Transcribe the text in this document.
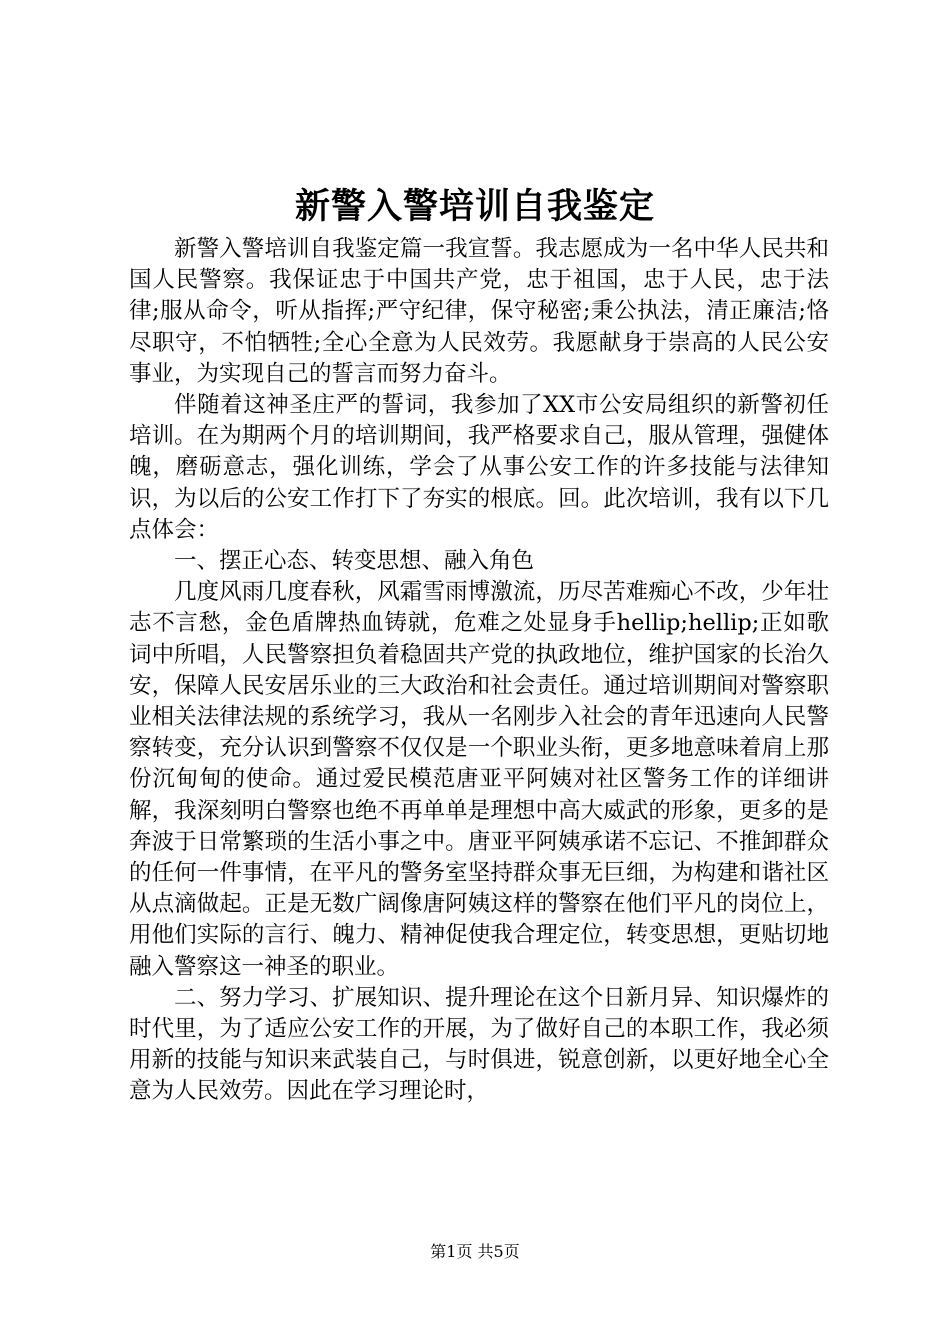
新警入警培训自我鉴定

新警入警培训自我鉴定篇一我宣誓。我志愿成为一名中华人民共和国人民警察。我保证忠于中国共产党，忠于祖国，忠于人民，忠于法律;服从命令，听从指挥;严守纪律，保守秘密;秉公执法，清正廉洁;恪尽职守，不怕牺牲;全心全意为人民效劳。我愿献身于崇高的人民公安事业，为实现自己的誓言而努力奋斗。

伴随着这神圣庄严的誓词，我参加了XX市公安局组织的新警初任培训。在为期两个月的培训期间，我严格要求自己，服从管理，强健体魄，磨砺意志，强化训练，学会了从事公安工作的许多技能与法律知识，为以后的公安工作打下了夯实的根底。回。此次培训，我有以下几点体会：

一、摆正心态、转变思想、融入角色

几度风雨几度春秋，风霜雪雨博激流，历尽苦难痴心不改，少年壮志不言愁，金色盾牌热血铸就，危难之处显身手hellip;hellip;正如歌词中所唱，人民警察担负着稳固共产党的执政地位，维护国家的长治久安，保障人民安居乐业的三大政治和社会责任。通过培训期间对警察职业相关法律法规的系统学习，我从一名刚步入社会的青年迅速向人民警察转变，充分认识到警察不仅仅是一个职业头衔，更多地意味着肩上那份沉甸甸的使命。通过爱民模范唐亚平阿姨对社区警务工作的详细讲解，我深刻明白警察也绝不再单单是理想中高大威武的形象，更多的是奔波于日常繁琐的生活小事之中。唐亚平阿姨承诺不忘记、不推卸群众的任何一件事情，在平凡的警务室坚持群众事无巨细，为构建和谐社区从点滴做起。正是无数广阔像唐阿姨这样的警察在他们平凡的岗位上，用他们实际的言行、魄力、精神促使我合理定位，转变思想，更贴切地融入警察这一神圣的职业。

二、努力学习、扩展知识、提升理论在这个日新月异、知识爆炸的时代里，为了适应公安工作的开展，为了做好自己的本职工作，我必须用新的技能与知识来武装自己，与时俱进，锐意创新，以更好地全心全意为人民效劳。因此在学习理论时，

第1页 共5页
